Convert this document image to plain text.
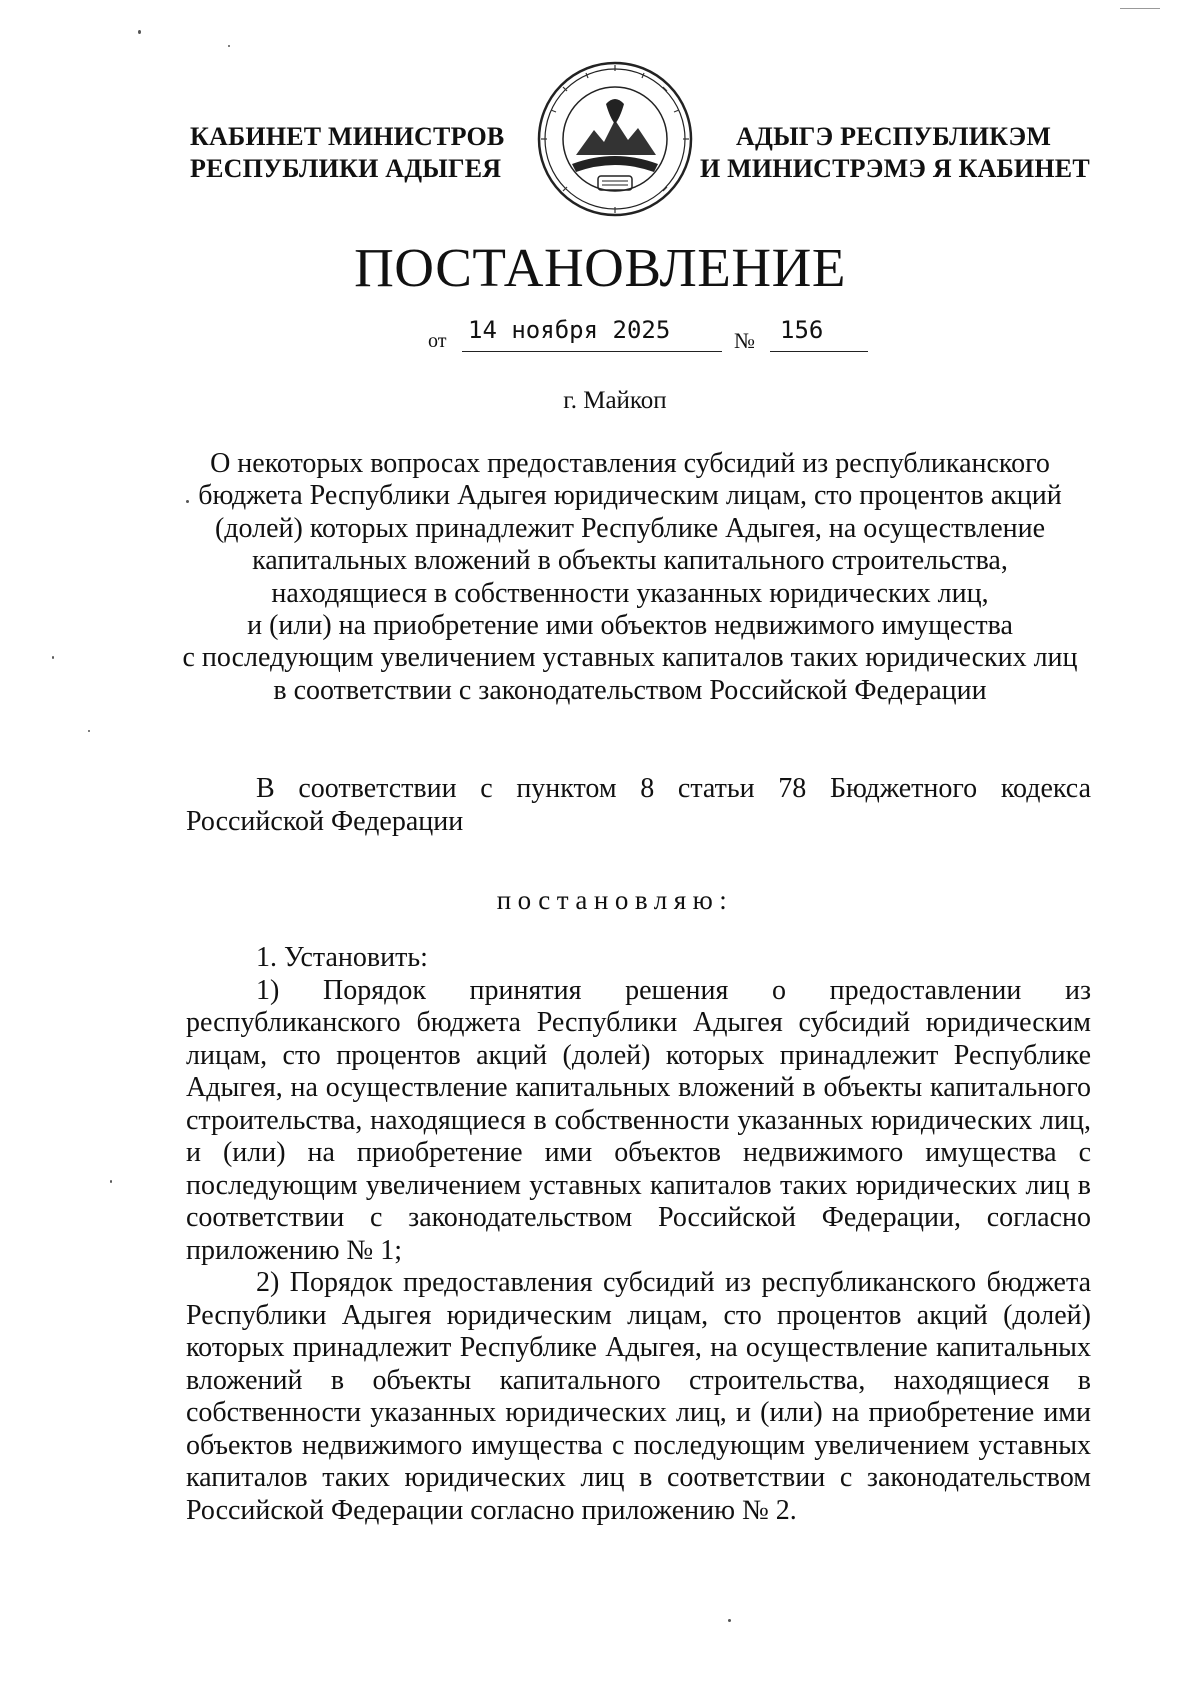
КАБИНЕТ МИНИСТРОВ
РЕСПУБЛИКИ АДЫГЕЯ
АДЫГЭ РЕСПУБЛИКЭМ
И МИНИСТРЭМЭ Я КАБИНЕТ
ПОСТАНОВЛЕНИЕ
от 14 ноября 2025	№	156
г. Майкоп
О некоторых вопросах предоставления субсидий из республиканского
бюджета Республики Адыгея юридическим лицам, сто процентов акций
(долей) которых принадлежит Республике Адыгея, на осуществление
капитальных вложений в объекты капитального строительства,
находящиеся в собственности указанных юридических лиц,
и (или) на приобретение ими объектов недвижимого имущества
с последующим увеличением уставных капиталов таких юридических лиц
в соответствии с законодательством Российской Федерации

В соответствии с пунктом 8 статьи 78 Бюджетного кодекса Российской Федерации

постановляю:

1. Установить:

1) Порядок принятия решения о предоставлении из республиканского бюджета Республики Адыгея субсидий юридическим лицам, сто процентов акций (долей) которых принадлежит Республике Адыгея, на осуществление капитальных вложений в объекты капитального строительства, находящиеся в собственности указанных юридических лиц, и (или) на приобретение ими объектов недвижимого имущества с последующим увеличением уставных капиталов таких юридических лиц в соответствии с законодательством Российской Федерации, согласно приложению № 1;

2) Порядок предоставления субсидий из республиканского бюджета Республики Адыгея юридическим лицам, сто процентов акций (долей) которых принадлежит Республике Адыгея, на осуществление капитальных вложений в объекты капитального строительства, находящиеся в собственности указанных юридических лиц, и (или) на приобретение ими объектов недвижимого имущества с последующим увеличением уставных капиталов таких юридических лиц в соответствии с законодательством Российской Федерации согласно приложению № 2.
